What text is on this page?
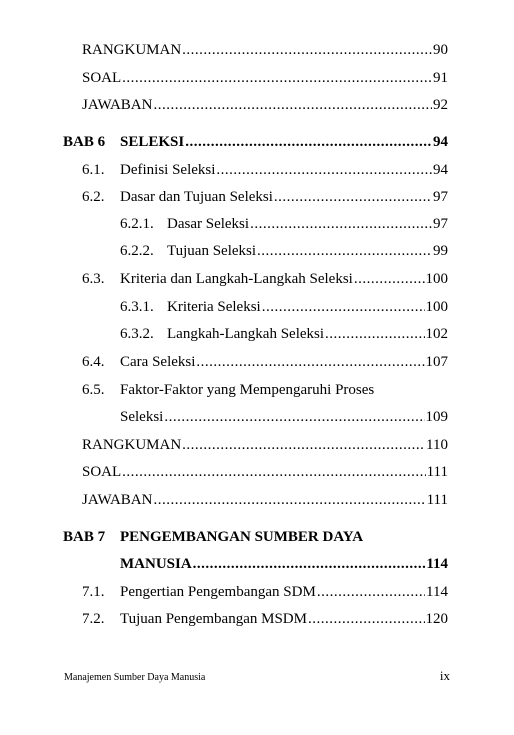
RANGKUMAN .....	90
SOAL .....	91
JAWABAN .....	92
BAB 6 SELEKSI .....	94
6.1.	Definisi Seleksi .....	94
6.2.	Dasar dan Tujuan Seleksi .....	97
6.2.1. Dasar Seleksi .....	97
6.2.2. Tujuan Seleksi .....	99
6.3.	Kriteria dan Langkah-Langkah Seleksi .....	100
6.3.1. Kriteria Seleksi .....	100
6.3.2. Langkah-Langkah Seleksi .....	102
6.4.	Cara Seleksi .....	107
6.5. Faktor-Faktor yang Mempengaruhi Proses
Seleksi .....	109
RANGKUMAN .....	110
SOAL .....	111
JAWABAN .....	111
BAB 7 PENGEMBANGAN SUMBER DAYA
MANUSIA .....	114
7.1.	Pengertian Pengembangan SDM .....	114
7.2.	Tujuan Pengembangan MSDM .....	120
Manajemen Sumber Daya Manusia	ix
